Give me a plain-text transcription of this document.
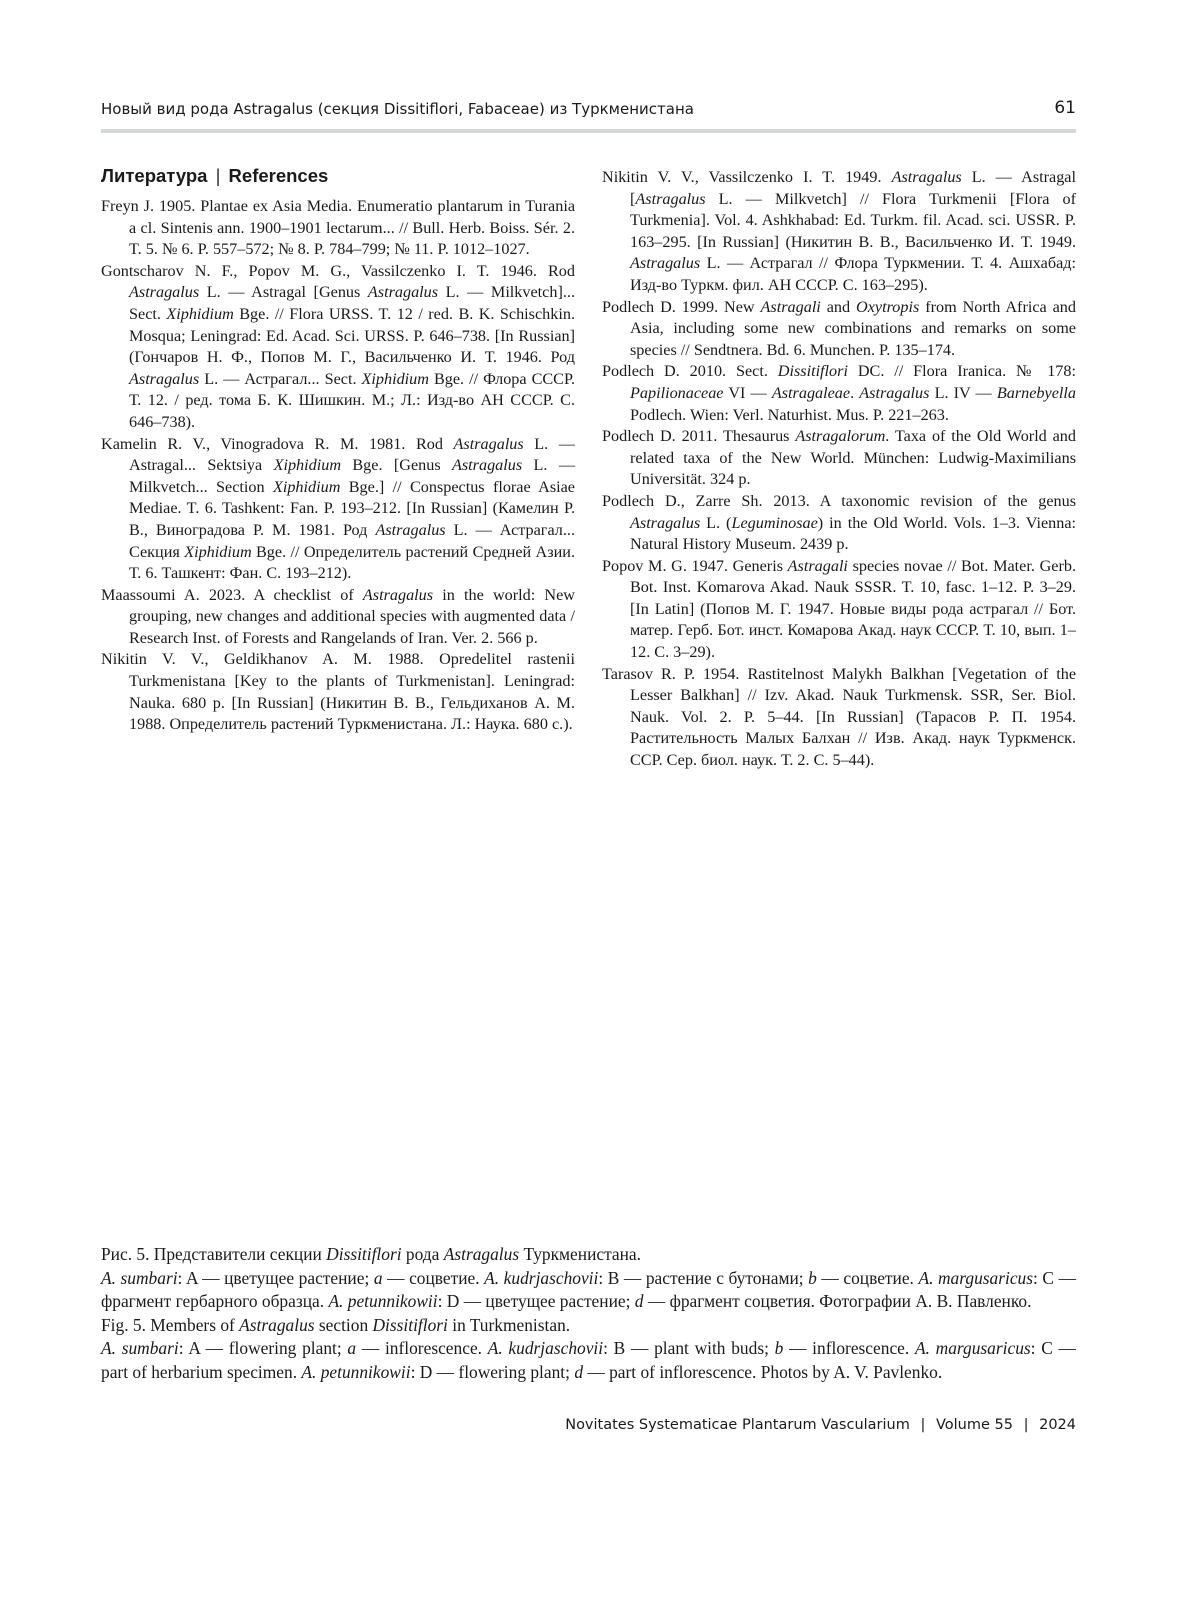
Новый вид рода Astragalus (секция Dissitiflori, Fabaceae) из Туркменистана	61
Литература | References

Freyn J. 1905. Plantae ex Asia Media. Enumeratio plantarum in Turania a cl. Sintenis ann. 1900–1901 lectarum... // Bull. Herb. Boiss. Sér. 2. T. 5. № 6. P. 557–572; № 8. P. 784–799; № 11. P. 1012–1027.

Gontscharov N. F., Popov M. G., Vassilczenko I. T. 1946. Rod Astragalus L. — Astragal [Genus Astragalus L. — Milkvetch]... Sect. Xiphidium Bge. // Flora URSS. T. 12 / red. B. K. Schischkin. Mosqua; Leningrad: Ed. Acad. Sci. URSS. P. 646–738. [In Russian] (Гончаров Н. Ф., Попов М. Г., Васильченко И. Т. 1946. Род Astragalus L. — Астрагал... Sect. Xiphidium Bge. // Флора СССР. Т. 12. / ред. тома Б. К. Шишкин. М.; Л.: Изд-во АН СССР. С. 646–738).

Kamelin R. V., Vinogradova R. M. 1981. Rod Astragalus L. — Astragal... Sektsiya Xiphidium Bge. [Genus Astragalus L. — Milkvetch... Section Xiphidium Bge.] // Conspectus florae Asiae Mediae. T. 6. Tashkent: Fan. P. 193–212. [In Russian] (Камелин Р. В., Виноградова Р. М. 1981. Род Astragalus L. — Астрагал... Секция Xiphidium Bge. // Определитель растений Средней Азии. Т. 6. Ташкент: Фан. С. 193–212).

Maassoumi A. 2023. A checklist of Astragalus in the world: New grouping, new changes and additional species with augmented data / Research Inst. of Forests and Rangelands of Iran. Ver. 2. 566 p.

Nikitin V. V., Geldikhanov A. M. 1988. Opredelitel rastenii Turkmenistana [Key to the plants of Turkmenistan]. Leningrad: Nauka. 680 p. [In Russian] (Никитин В. В., Гельдиханов А. М. 1988. Определитель растений Туркменистана. Л.: Наука. 680 с.).

Nikitin V. V., Vassilczenko I. T. 1949. Astragalus L. — Astragal [Astragalus L. — Milkvetch] // Flora Turkmenii [Flora of Turkmenia]. Vol. 4. Ashkhabad: Ed. Turkm. fil. Acad. sci. USSR. P. 163–295. [In Russian] (Никитин В. В., Васильченко И. Т. 1949. Astragalus L. — Астрагал // Флора Туркмении. Т. 4. Ашхабад: Изд-во Туркм. фил. АН СССР. С. 163–295).

Podlech D. 1999. New Astragali and Oxytropis from North Africa and Asia, including some new combinations and remarks on some species // Sendtnera. Bd. 6. Munchen. P. 135–174.

Podlech D. 2010. Sect. Dissitiflori DC. // Flora Iranica. № 178: Papilionaceae VI — Astragaleae. Astragalus L. IV — Barnebyella Podlech. Wien: Verl. Naturhist. Mus. P. 221–263.

Podlech D. 2011. Thesaurus Astragalorum. Taxa of the Old World and related taxa of the New World. München: Ludwig-Maximilians Universität. 324 p.

Podlech D., Zarre Sh. 2013. A taxonomic revision of the genus Astragalus L. (Leguminosae) in the Old World. Vols. 1–3. Vienna: Natural History Museum. 2439 p.

Popov M. G. 1947. Generis Astragali species novae // Bot. Mater. Gerb. Bot. Inst. Komarova Akad. Nauk SSSR. T. 10, fasc. 1–12. P. 3–29. [In Latin] (Попов М. Г. 1947. Новые виды рода астрагал // Бот. матер. Герб. Бот. инст. Комарова Акад. наук СССР. Т. 10, вып. 1–12. С. 3–29).

Tarasov R. P. 1954. Rastitelnost Malykh Balkhan [Vegetation of the Lesser Balkhan] // Izv. Akad. Nauk Turkmensk. SSR, Ser. Biol. Nauk. Vol. 2. P. 5–44. [In Russian] (Тарасов Р. П. 1954. Растительность Малых Балхан // Изв. Акад. наук Туркменск. ССР. Сер. биол. наук. Т. 2. С. 5–44).

Рис. 5. Представители секции Dissitiflori рода Astragalus Туркменистана.

A. sumbari: A — цветущее растение; a — соцветие. A. kudrjaschovii: B — растение с бутонами; b — соцветие. A. margusaricus: C — фрагмент гербарного образца. A. petunnikowii: D — цветущее растение; d — фрагмент соцветия. Фотографии А. В. Павленко.

Fig. 5. Members of Astragalus section Dissitiflori in Turkmenistan.

A. sumbari: A — flowering plant; a — inflorescence. A. kudrjaschovii: B — plant with buds; b — inflorescence. A. margusaricus: C — part of herbarium specimen. A. petunnikowii: D — flowering plant; d — part of inflorescence. Photos by A. V. Pavlenko.

Novitates Systematicae Plantarum Vascularium | Volume 55 | 2024
